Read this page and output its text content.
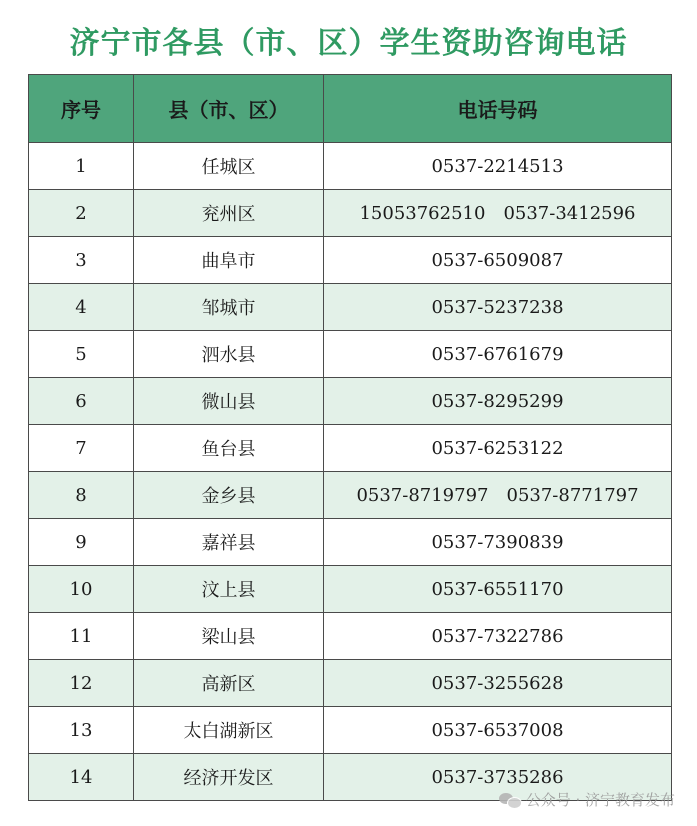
济宁市各县（市、区）学生资助咨询电话
序号	县（市、区）	电话号码
1	任城区	0537-2214513
2	兖州区	15053762510 0537-3412596
3	曲阜市	0537-6509087
4	邹城市	0537-5237238
5	泗水县	0537-6761679
6	微山县	0537-8295299
7	鱼台县	0537-6253122
8	金乡县	0537-8719797 0537-8771797
9	嘉祥县	0537-7390839
10	汶上县	0537-6551170
11	梁山县	0537-7322786
12	高新区	0537-3255628
13	太白湖新区	0537-6537008
14	经济开发区	0537-3735286
公众号 · 济宁教育发布
